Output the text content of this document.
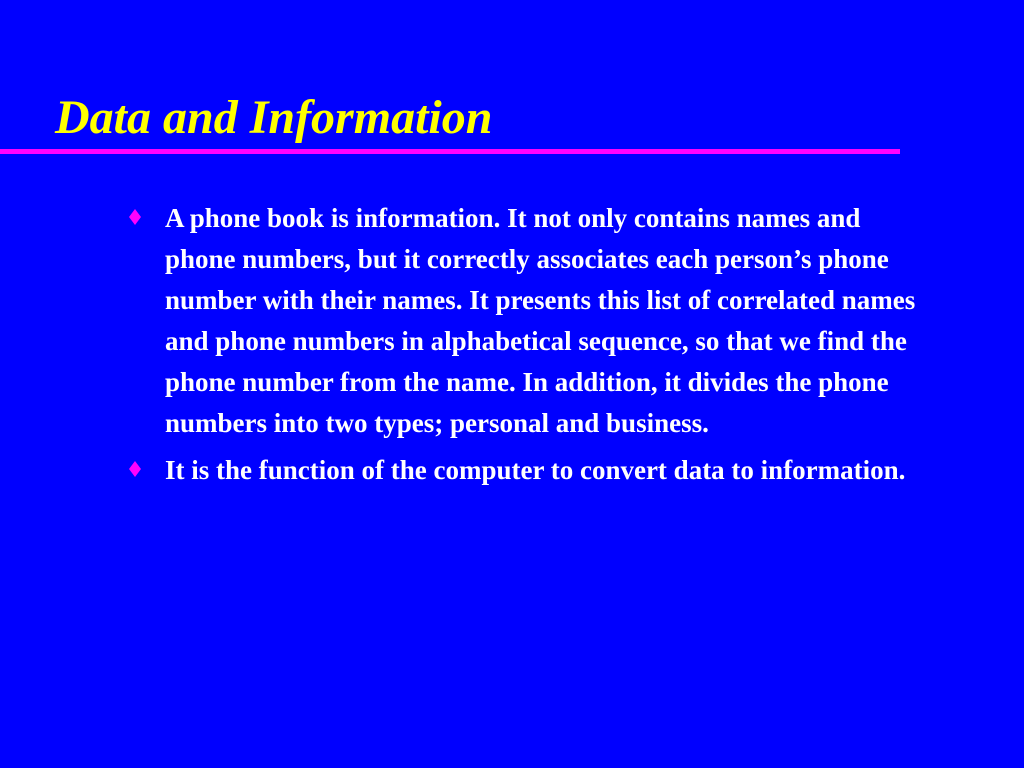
Data and Information
A phone book is information. It not only contains names and phone numbers, but it correctly associates each person’s phone number with their names. It presents this list of correlated names and phone numbers in alphabetical sequence, so that we find the phone number from the name. In addition, it divides the phone numbers into two types; personal and business.
It is the function of the computer to convert data to information.
